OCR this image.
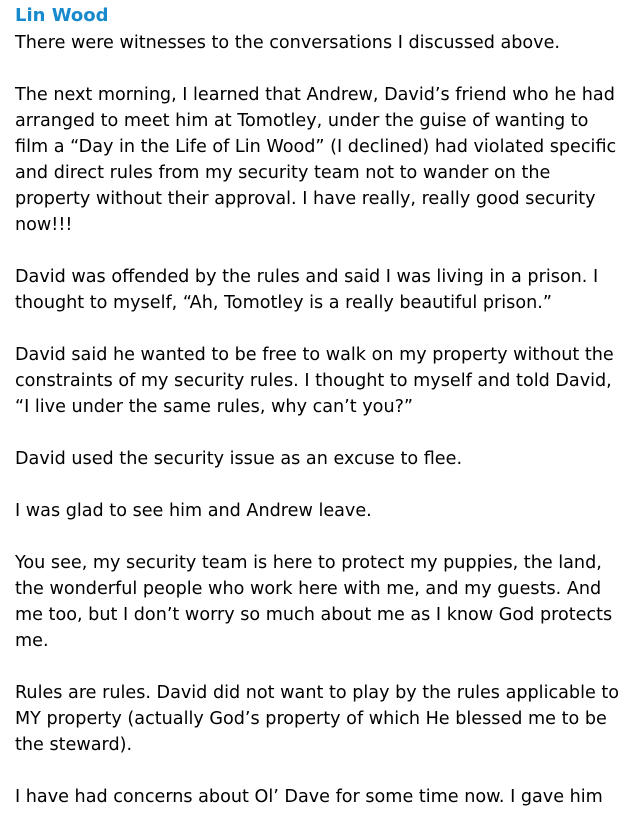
Lin Wood

There were witnesses to the conversations I discussed above.

The next morning, I learned that Andrew, David’s friend who he had arranged to meet him at Tomotley, under the guise of wanting to film a “Day in the Life of Lin Wood” (I declined) had violated specific and direct rules from my security team not to wander on the property without their approval. I have really, really good security now!!!

David was offended by the rules and said I was living in a prison. I thought to myself, “Ah, Tomotley is a really beautiful prison.”

David said he wanted to be free to walk on my property without the constraints of my security rules. I thought to myself and told David, “I live under the same rules, why can’t you?”

David used the security issue as an excuse to flee.

I was glad to see him and Andrew leave.

You see, my security team is here to protect my puppies, the land, the wonderful people who work here with me, and my guests. And me too, but I don’t worry so much about me as I know God protects me.

Rules are rules. David did not want to play by the rules applicable to MY property (actually God’s property of which He blessed me to be the steward).

I have had concerns about Ol’ Dave for some time now. I gave him
